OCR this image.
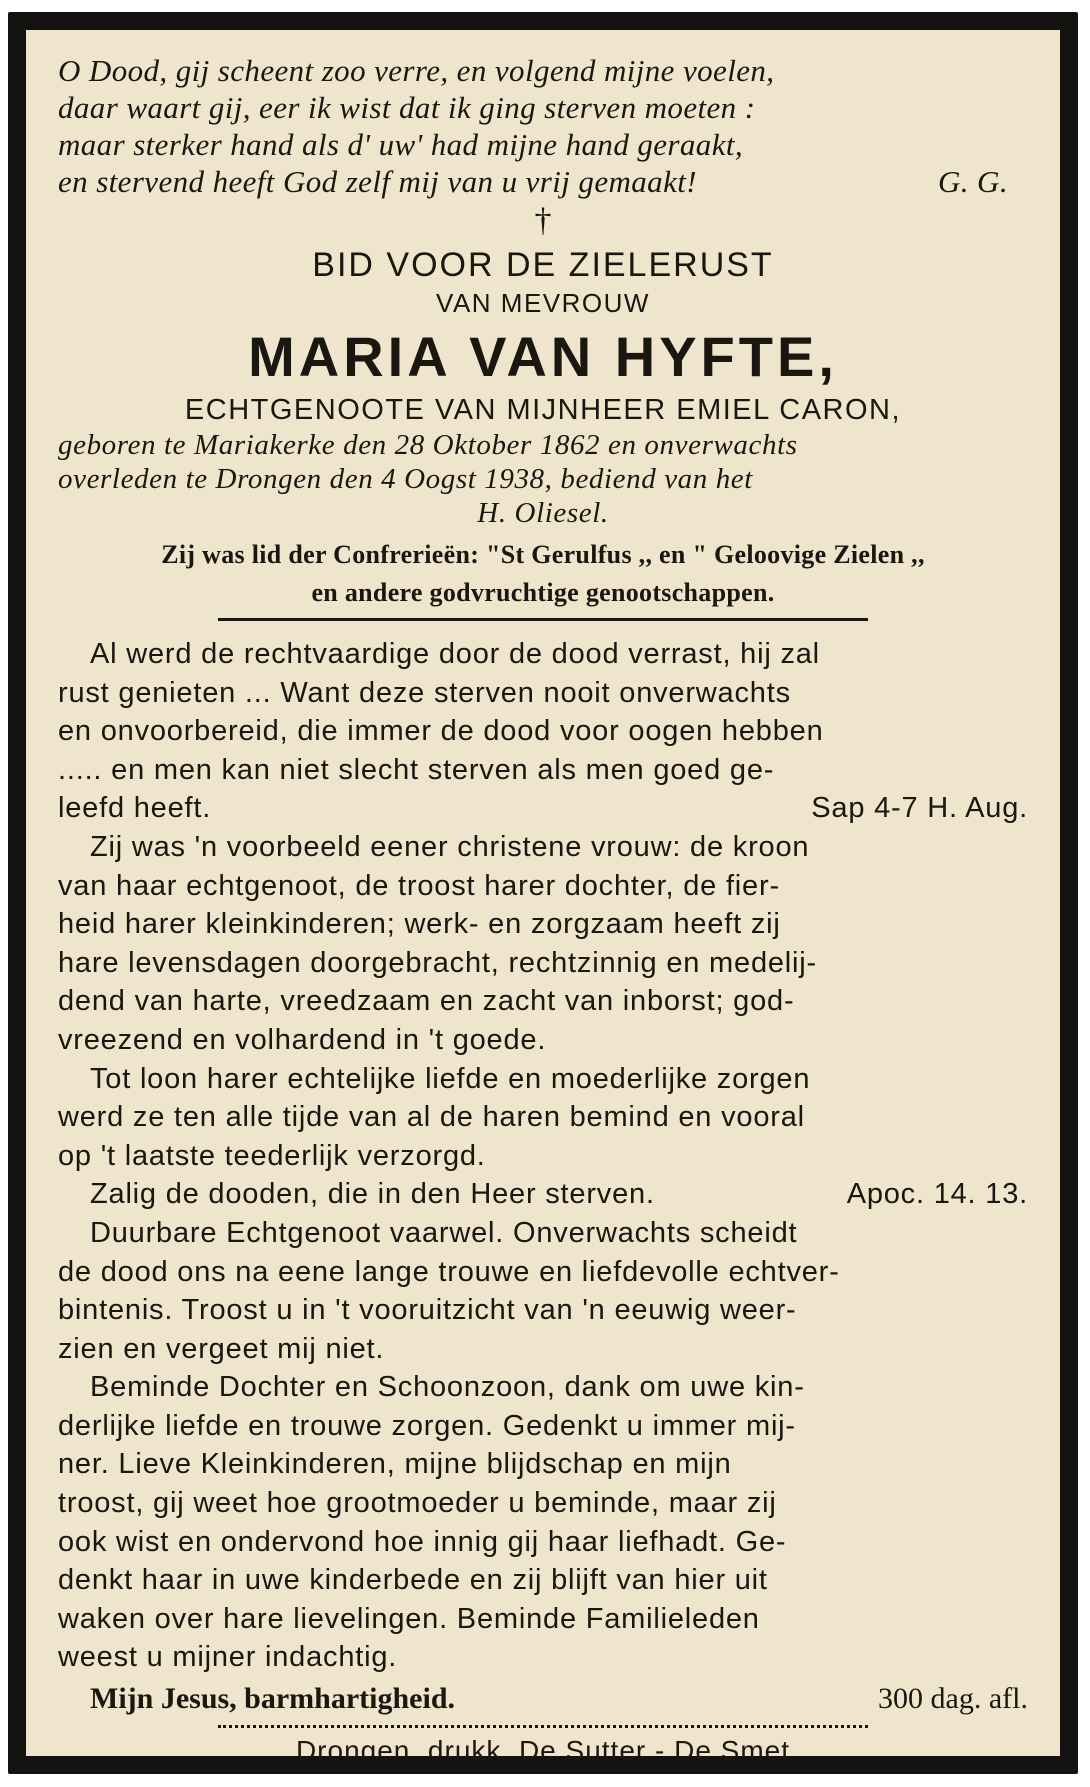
O Dood, gij scheent zoo verre, en volgend mijne voelen,
daar waart gij, eer ik wist dat ik ging sterven moeten :
maar sterker hand als d' uw' had mijne hand geraakt,
en stervend heeft God zelf mij van u vrij gemaakt!	G. G.
†
BID VOOR DE ZIELERUST
VAN MEVROUW
MARIA VAN HYFTE,
ECHTGENOOTE VAN MIJNHEER EMIEL CARON,
geboren te Mariakerke den 28 Oktober 1862 en onverwachts
overleden te Drongen den 4 Oogst 1938, bediend van het
H. Oliesel.
Zij was lid der Confrerieën: "St Gerulfus ,, en " Geloovige Zielen ,,
en andere godvruchtige genootschappen.
Al werd de rechtvaardige door de dood verrast, hij zal
rust genieten ... Want deze sterven nooit onverwachts
en onvoorbereid, die immer de dood voor oogen hebben
..... en men kan niet slecht sterven als men goed ge-
leefd heeft.	Sap 4-7 H. Aug.
Zij was 'n voorbeeld eener christene vrouw: de kroon
van haar echtgenoot, de troost harer dochter, de fier-
heid harer kleinkinderen; werk- en zorgzaam heeft zij
hare levensdagen doorgebracht, rechtzinnig en medelij-
dend van harte, vreedzaam en zacht van inborst; god-
vreezend en volhardend in 't goede.
Tot loon harer echtelijke liefde en moederlijke zorgen
werd ze ten alle tijde van al de haren bemind en vooral
op 't laatste teederlijk verzorgd.
Zalig de dooden, die in den Heer sterven.	Apoc. 14. 13.
Duurbare Echtgenoot vaarwel. Onverwachts scheidt
de dood ons na eene lange trouwe en liefdevolle echtver-
bintenis. Troost u in 't vooruitzicht van 'n eeuwig weer-
zien en vergeet mij niet.
Beminde Dochter en Schoonzoon, dank om uwe kin-
derlijke liefde en trouwe zorgen. Gedenkt u immer mij-
ner. Lieve Kleinkinderen, mijne blijdschap en mijn
troost, gij weet hoe grootmoeder u beminde, maar zij
ook wist en ondervond hoe innig gij haar liefhadt. Ge-
denkt haar in uwe kinderbede en zij blijft van hier uit
waken over hare lievelingen. Beminde Familieleden
weest u mijner indachtig.
Mijn Jesus, barmhartigheid.	300 dag. afl.
Drongen, drukk. De Sutter - De Smet
